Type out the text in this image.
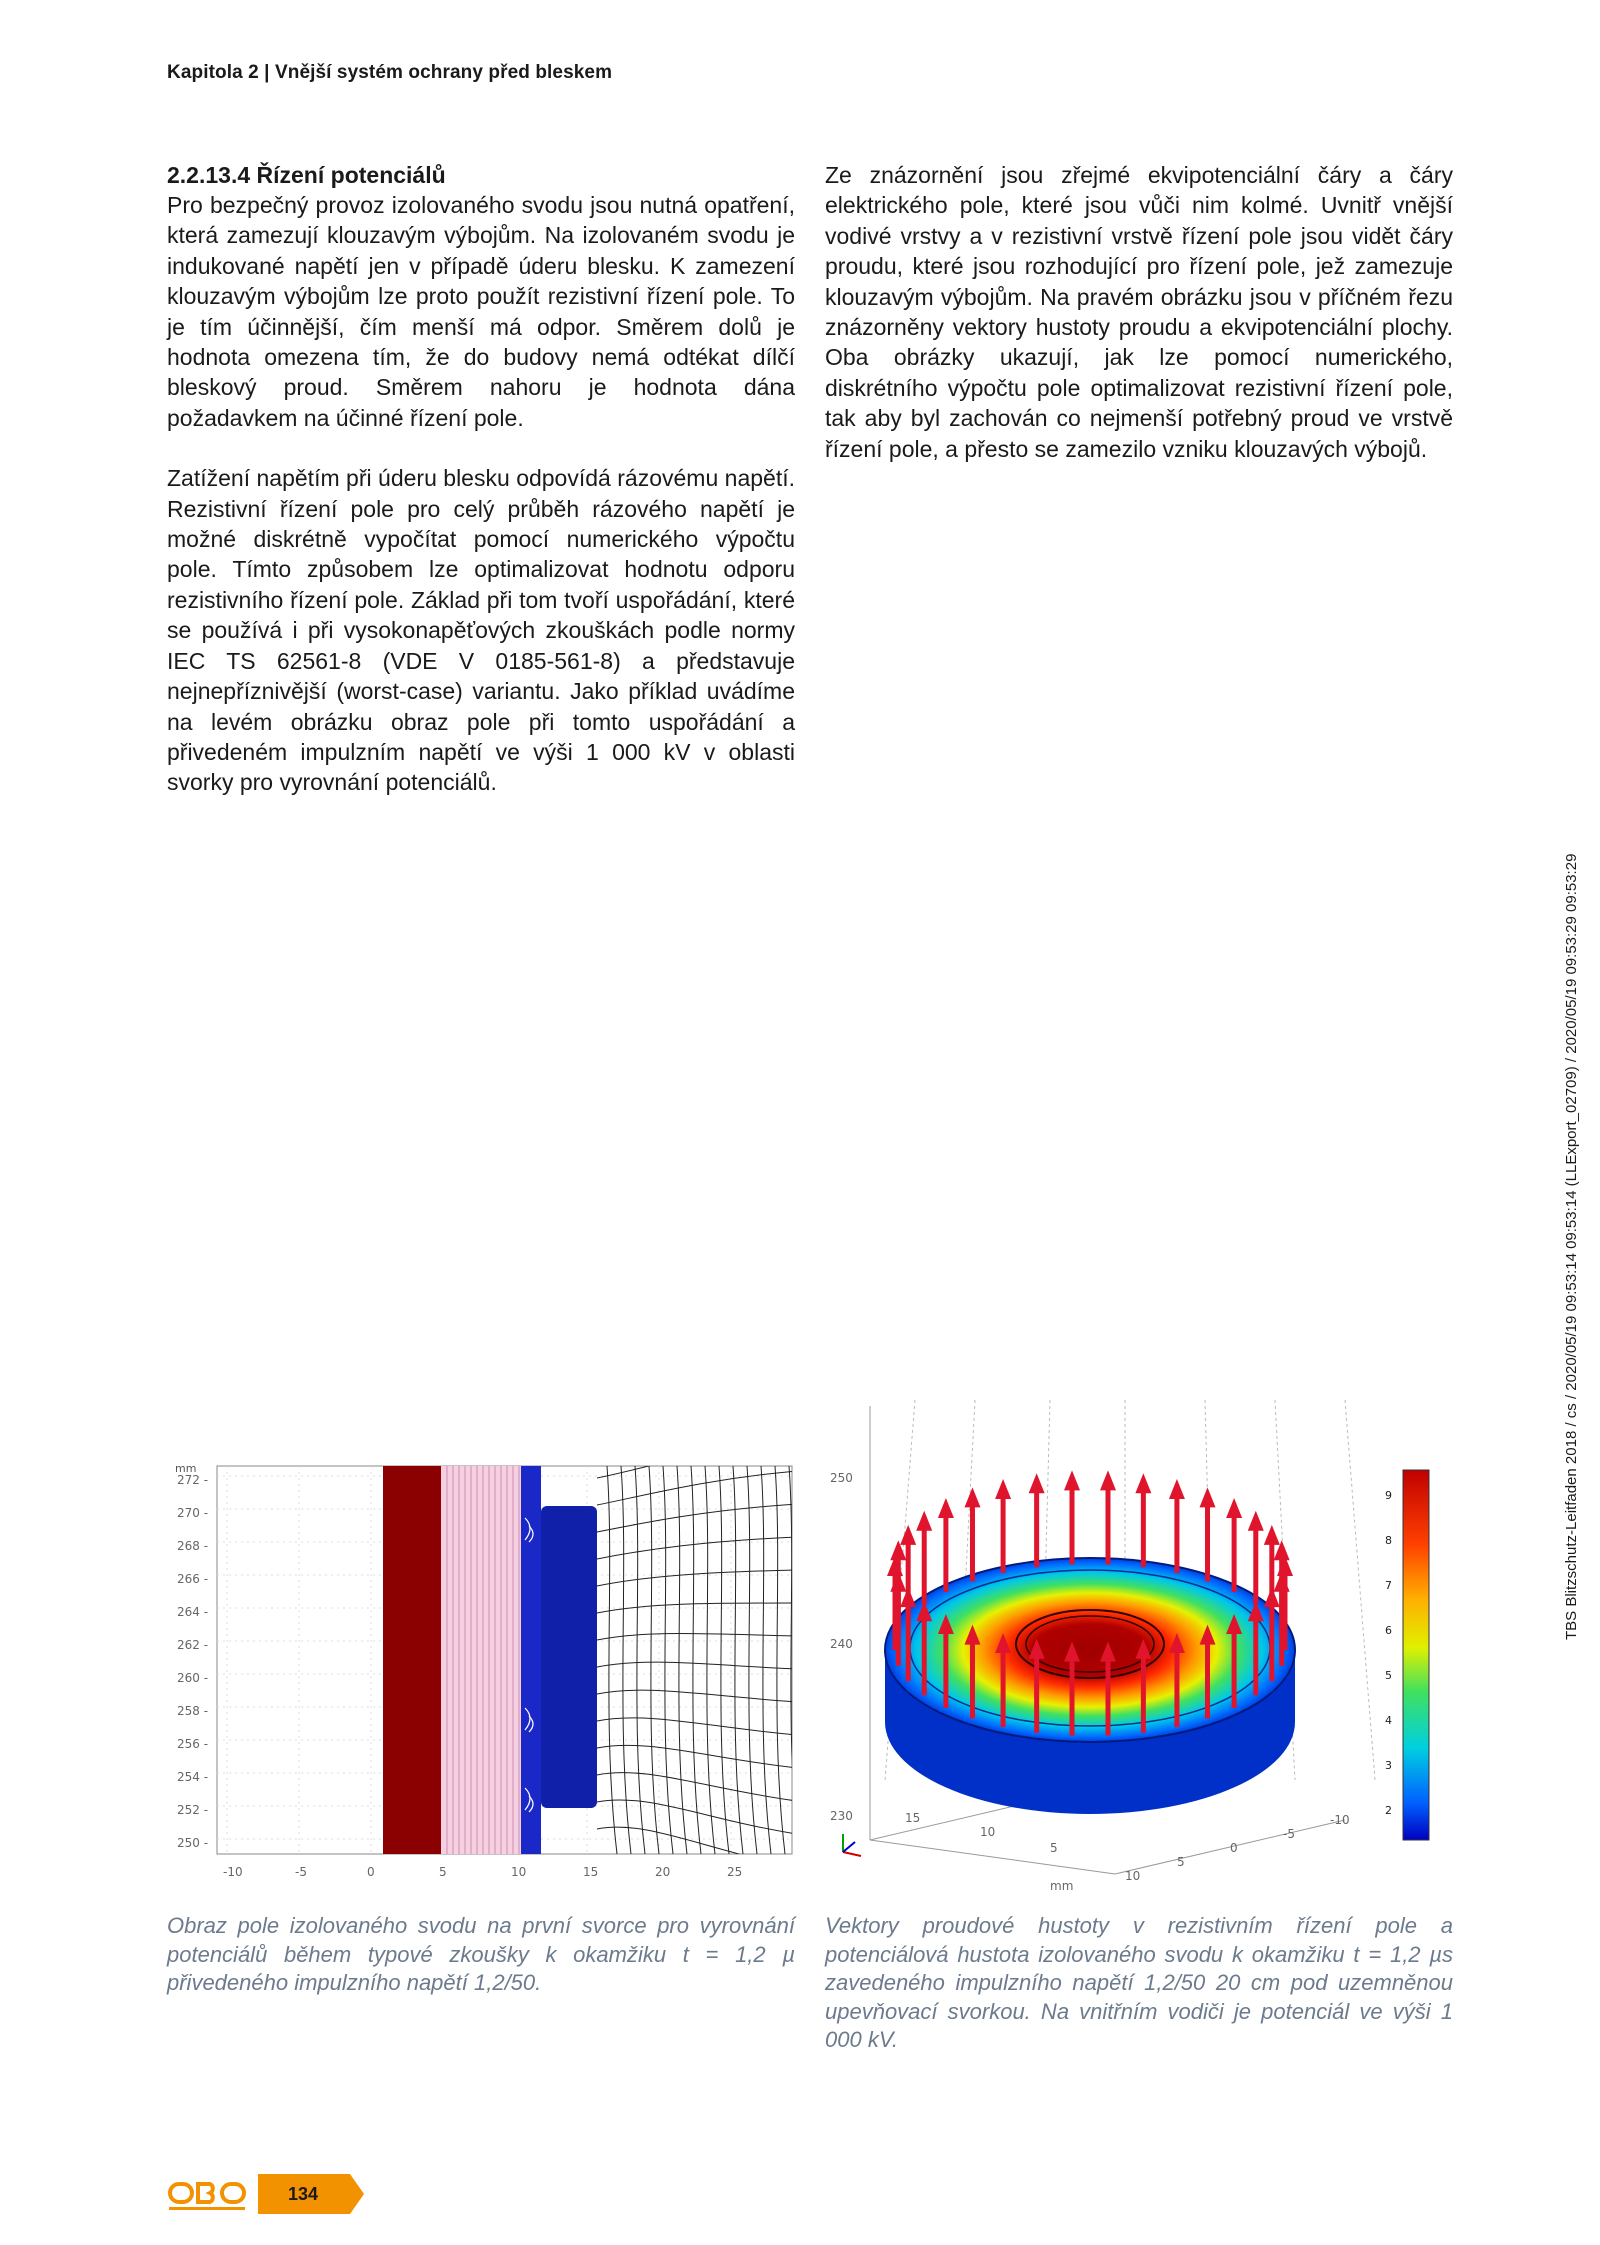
Kapitola 2 | Vnější systém ochrany před bleskem

2.2.13.4 Řízení potenciálů

Pro bezpečný provoz izolovaného svodu jsou nutná opatření, která zamezují klouzavým výbojům. Na izolovaném svodu je indukované napětí jen v případě úderu blesku. K zamezení klouzavým výbojům lze proto použít rezistivní řízení pole. To je tím účinnější, čím menší má odpor. Směrem dolů je hodnota omezena tím, že do budovy nemá odtékat dílčí bleskový proud. Směrem nahoru je hodnota dána požadavkem na účinné řízení pole.

Zatížení napětím při úderu blesku odpovídá rázovému napětí. Rezistivní řízení pole pro celý průběh rázového napětí je možné diskrétně vypočítat pomocí numerického výpočtu pole. Tímto způsobem lze optimalizovat hodnotu odporu rezistivního řízení pole. Základ při tom tvoří uspořádání, které se používá i při vysokonapěťových zkouškách podle normy IEC TS 62561-8 (VDE V 0185-561-8) a představuje nejnepříznivější (worst-case) variantu. Jako příklad uvádíme na levém obrázku obraz pole při tomto uspořádání a přivedeném impulzním napětí ve výši 1 000 kV v oblasti svorky pro vyrovnání potenciálů.

Ze znázornění jsou zřejmé ekvipotenciální čáry a čáry elektrického pole, které jsou vůči nim kolmé. Uvnitř vnější vodivé vrstvy a v rezistivní vrstvě řízení pole jsou vidět čáry proudu, které jsou rozhodující pro řízení pole, jež zamezuje klouzavým výbojům. Na pravém obrázku jsou v příčném řezu znázorněny vektory hustoty proudu a ekvipotenciální plochy. Oba obrázky ukazují, jak lze pomocí numerického, diskrétního výpočtu pole optimalizovat rezistivní řízení pole, tak aby byl zachován co nejmenší potřebný proud ve vrstvě řízení pole, a přesto se zamezilo vzniku klouzavých výbojů.

mm
272 -
270 -
268 -
266 -
264 -
262 -
260 -
258 -
256 -
254 -
252 -
250 -
-10	-5	0	5	10	15	20	25
9
8
7
6
5
4
3
2
250
240
230
10
5
0
-5
-10
15
10
5
mm
Obraz pole izolovaného svodu na první svorce pro vyrovnání potenciálů během typové zkoušky k okamžiku t = 1,2 µ přivedeného impulzního napětí 1,2/50.
Vektory proudové hustoty v rezistivním řízení pole a potenciálová hustota izolovaného svodu k okamžiku t = 1,2 µs zavedeného impulzního napětí 1,2/50 20 cm pod uzemněnou upevňovací svorkou. Na vnitřním vodiči je potenciál ve výši 1 000 kV.
TBS Blitzschutz-Leitfaden 2018 / cs / 2020/05/19 09:53:14 09:53:14 (LLExport_02709) / 2020/05/19 09:53:29 09:53:29
134
